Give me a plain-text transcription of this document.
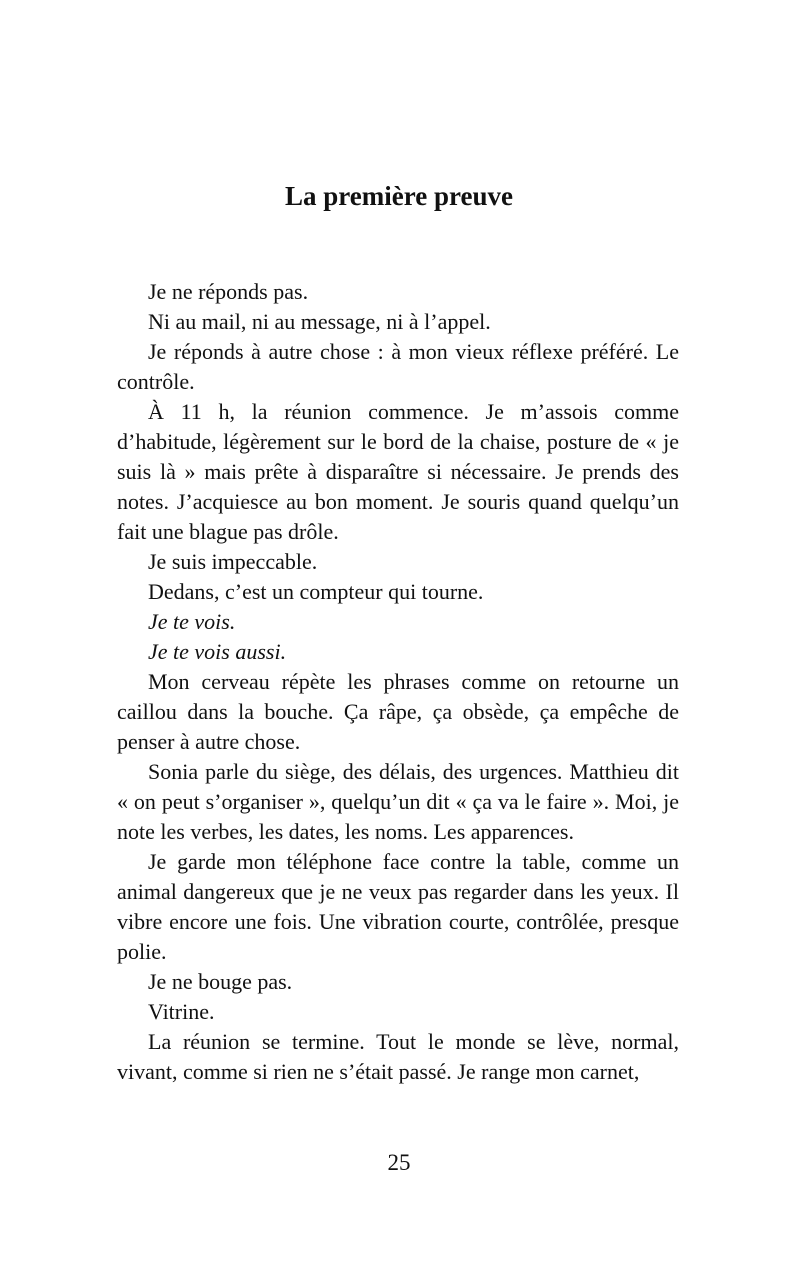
La première preuve

Je ne réponds pas.

Ni au mail, ni au message, ni à l’appel.

Je réponds à autre chose : à mon vieux réflexe préféré. Le contrôle.

À 11 h, la réunion commence. Je m’assois comme d’habitude, légèrement sur le bord de la chaise, posture de « je suis là » mais prête à disparaître si nécessaire. Je prends des notes. J’acquiesce au bon moment. Je souris quand quelqu’un fait une blague pas drôle.

Je suis impeccable.

Dedans, c’est un compteur qui tourne.

Je te vois.

Je te vois aussi.

Mon cerveau répète les phrases comme on retourne un caillou dans la bouche. Ça râpe, ça obsède, ça empêche de penser à autre chose.

Sonia parle du siège, des délais, des urgences. Matthieu dit « on peut s’organiser », quelqu’un dit « ça va le faire ». Moi, je note les verbes, les dates, les noms. Les apparences.

Je garde mon téléphone face contre la table, comme un animal dangereux que je ne veux pas regarder dans les yeux. Il vibre encore une fois. Une vibration courte, contrôlée, presque polie.

Je ne bouge pas.

Vitrine.

La réunion se termine. Tout le monde se lève, normal, vivant, comme si rien ne s’était passé. Je range mon carnet,

25
